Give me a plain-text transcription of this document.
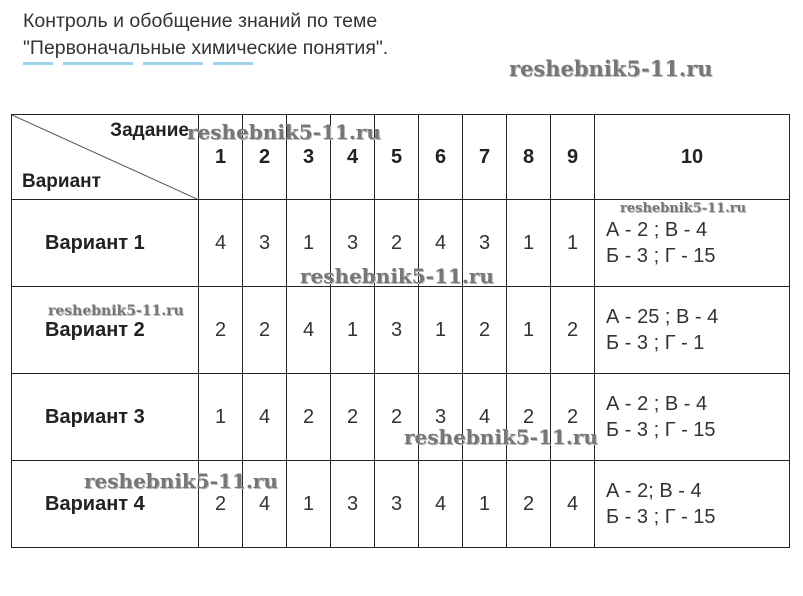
Контроль и обобщение знаний по теме
"Первоначальные химические понятия".
Задание
Вариант	1	2	3	4	5	6	7	8	9	10
Вариант 1	4	3	1	3	2	4	3	1	1	А - 2 ; В - 4
Б - 3 ; Г - 15

Вариант 2	2	2	4	1	3	1	2	1	2	А - 25 ; В - 4
Б - 3 ; Г - 1

Вариант 3	1	4	2	2	2	3	4	2	2	А - 2 ; В - 4
Б - 3 ; Г - 15

Вариант 4	2	4	1	3	3	4	1	2	4	А - 2; В - 4
Б - 3 ; Г - 15
reshebnik5-11.ru
reshebnik5-11.ru
reshebnik5-11.ru
reshebnik5-11.ru
reshebnik5-11.ru
reshebnik5-11.ru
reshebnik5-11.ru
